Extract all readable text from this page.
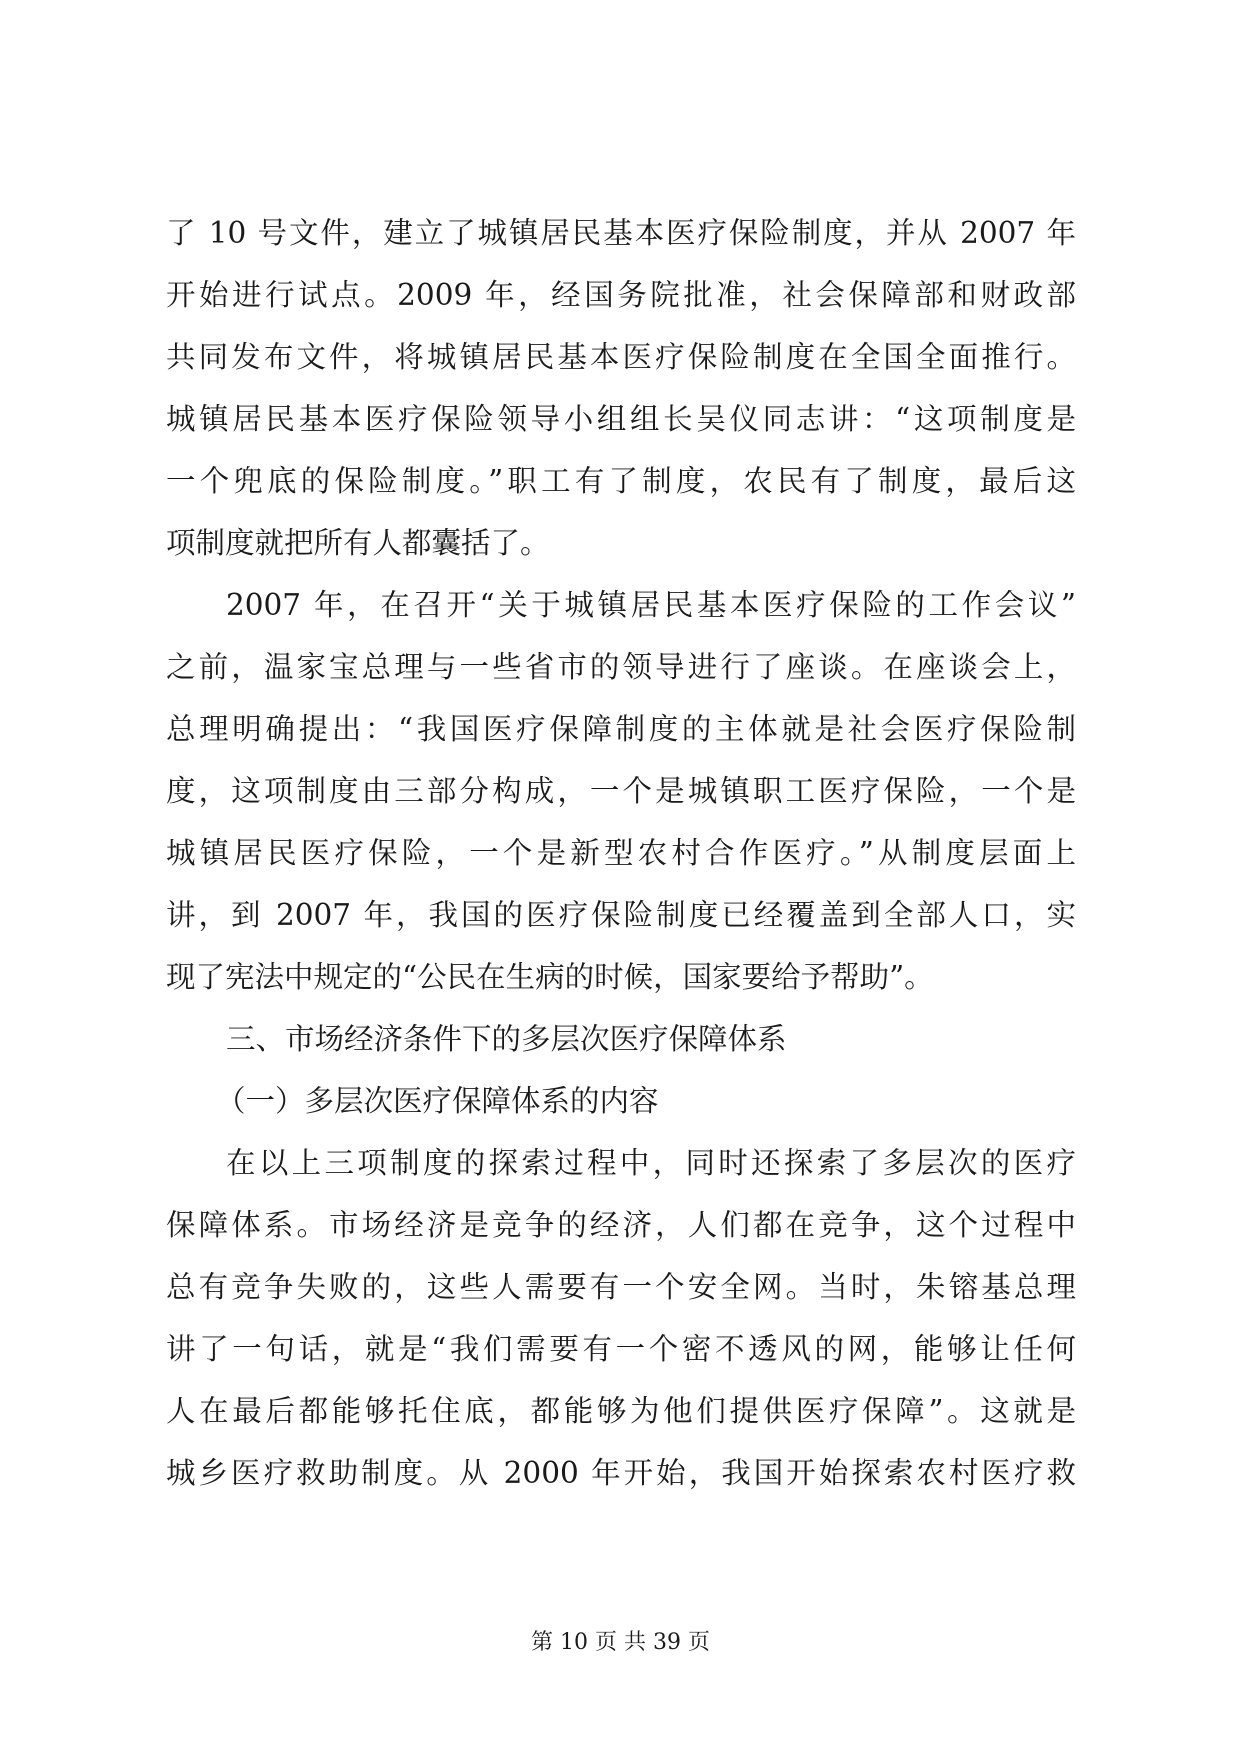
了 10 号文件，建立了城镇居民基本医疗保险制度，并从 2007 年
开始进行试点。2009 年，经国务院批准，社会保障部和财政部
共同发布文件，将城镇居民基本医疗保险制度在全国全面推行。
城镇居民基本医疗保险领导小组组长吴仪同志讲：“这项制度是
一个兜底的保险制度。”职工有了制度，农民有了制度，最后这
项制度就把所有人都囊括了。
2007 年，在召开“关于城镇居民基本医疗保险的工作会议”
之前，温家宝总理与一些省市的领导进行了座谈。在座谈会上，
总理明确提出：“我国医疗保障制度的主体就是社会医疗保险制
度，这项制度由三部分构成，一个是城镇职工医疗保险，一个是
城镇居民医疗保险，一个是新型农村合作医疗。”从制度层面上
讲，到 2007 年，我国的医疗保险制度已经覆盖到全部人口，实
现了宪法中规定的“公民在生病的时候，国家要给予帮助”。
三、市场经济条件下的多层次医疗保障体系
（一）多层次医疗保障体系的内容
在以上三项制度的探索过程中，同时还探索了多层次的医疗
保障体系。市场经济是竞争的经济，人们都在竞争，这个过程中
总有竞争失败的，这些人需要有一个安全网。当时，朱镕基总理
讲了一句话，就是“我们需要有一个密不透风的网，能够让任何
人在最后都能够托住底，都能够为他们提供医疗保障”。这就是
城乡医疗救助制度。从 2000 年开始，我国开始探索农村医疗救
第 10 页 共 39 页
